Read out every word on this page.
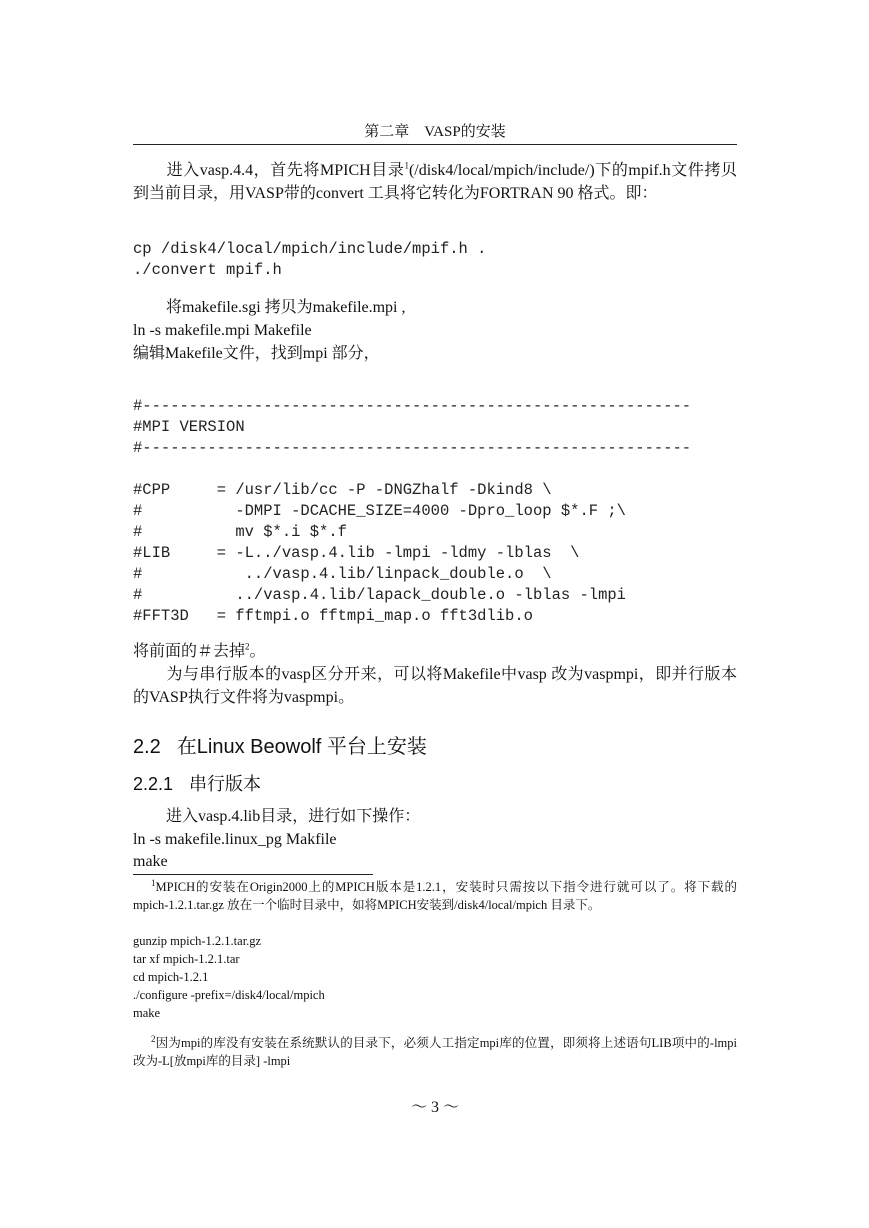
第二章　VASP的安装
进入vasp.4.4，首先将MPICH目录$^1$(/disk4/local/mpich/include/)下的mpif.h文件拷贝到当前目录，用VASP带的convert 工具将它转化为FORTRAN 90 格式。即：
cp /disk4/local/mpich/include/mpif.h .
./convert mpif.h
将makefile.sgi 拷贝为makefile.mpi ,
ln -s makefile.mpi Makefile
编辑Makefile文件，找到mpi 部分，
#-----------------------------------------------------------
#MPI VERSION
#-----------------------------------------------------------
#CPP     = /usr/lib/cc -P -DNGZhalf -Dkind8 \
#          -DMPI -DCACHE_SIZE=4000 -Dpro_loop $*.F ;\
#          mv $*.i $*.f
#LIB     = -L../vasp.4.lib -lmpi -ldmy -lblas  \
#           ../vasp.4.lib/linpack_double.o  \
#          ../vasp.4.lib/lapack_double.o -lblas -lmpi
#FFT3D   = fftmpi.o fftmpi_map.o fft3dlib.o
将前面的＃去掉$^2$。
为与串行版本的vasp区分开来，可以将Makefile中vasp 改为vaspmpi，即并行版本的VASP执行文件将为vaspmpi。
2.2 在Linux Beowolf 平台上安装
2.2.1 串行版本
进入vasp.4.lib目录，进行如下操作：
ln -s makefile.linux_pg Makfile
make
$^1$MPICH的安装在Origin2000上的MPICH版本是1.2.1，安装时只需按以下指令进行就可以了。将下载的mpich-1.2.1.tar.gz 放在一个临时目录中，如将MPICH安装到/disk4/local/mpich 目录下。
gunzip mpich-1.2.1.tar.gz
tar xf mpich-1.2.1.tar
cd mpich-1.2.1
./configure -prefix=/disk4/local/mpich
make
$^2$因为mpi的库没有安装在系统默认的目录下，必须人工指定mpi库的位置，即须将上述语句LIB项中的-lmpi 改为-L[放mpi库的目录] -lmpi
～ 3 ～
